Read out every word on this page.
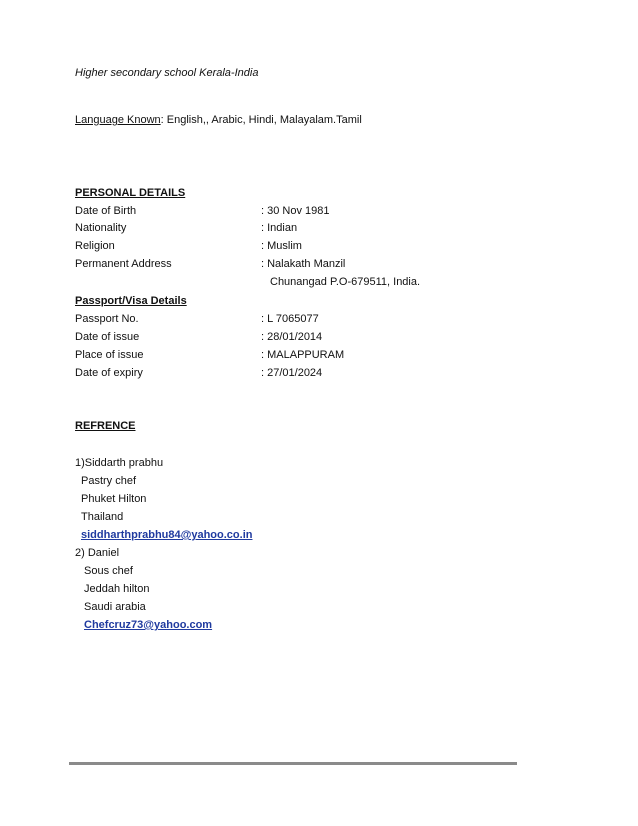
Higher secondary school Kerala-India
Language Known: English,, Arabic, Hindi, Malayalam.Tamil
PERSONAL DETAILS
Date of Birth	: 30 Nov 1981
Nationality	: Indian
Religion	: Muslim
Permanent Address	: Nalakath Manzil
Chunangad P.O-679511, India.
Passport/Visa Details
Passport No.	: L 7065077
Date of issue	: 28/01/2014
Place of issue	: MALAPPURAM
Date of expiry	: 27/01/2024
REFRENCE
1)Siddarth prabhu
Pastry chef
Phuket Hilton
Thailand
siddharthprabhu84@yahoo.co.in
2) Daniel
Sous chef
Jeddah hilton
Saudi arabia
Chefcruz73@yahoo.com
